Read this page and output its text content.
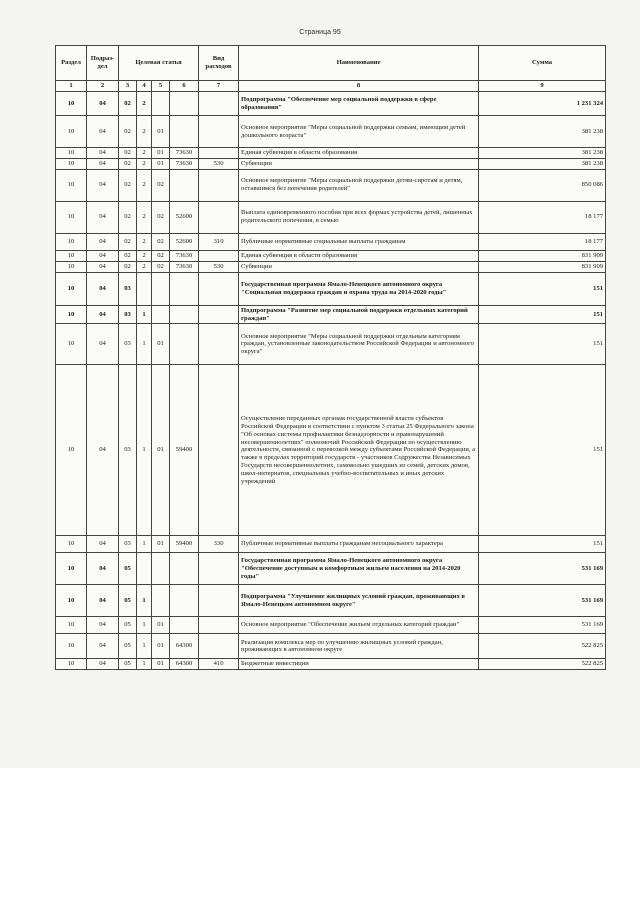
Страница 95
Раздел	Подраз-дел	Целевая статья				Вид расходов	Наименование	Сумма
1	2	3	4	5	6	7	8	9
10	04	02	2				Подпрограмма "Обеспечение мер социальной поддержки в сфере образования"	1 231 324
10	04	02	2	01			Основное мероприятие "Меры социальной поддержки семьям, имеющим детей дошкольного возраста"	381 238
10	04	02	2	01	73630		Единая субвенция в области образования	381 238
10	04	02	2	01	73630	530	Субвенции	381 238
10	04	02	2	02			Основное мероприятие "Меры социальной поддержки детям-сиротам и детям, оставшимся без попечения родителей"	850 086
10	04	02	2	02	52600		Выплата единовременного пособия при всех формах устройства детей, лишенных родительского попечения, в семью	18 177
10	04	02	2	02	52600	310	Публичные нормативные социальные выплаты гражданам	18 177
10	04	02	2	02	73630		Единая субвенция в области образования	831 909
10	04	02	2	02	73630	530	Субвенции	831 909
10	04	03					Государственная программа Ямало-Ненецкого автономного округа "Социальная поддержка граждан и охрана труда на 2014-2020 годы"	151
10	04	03	1				Подпрограмма "Развитие мер социальной поддержки отдельных категорий граждан"	151
10	04	03	1	01			Основное мероприятие "Меры социальной поддержки отдельным категориям граждан, установленные законодательством Российской Федерации и автономного округа"	151
10	04	03	1	01	59400		Осуществление переданных органам государственной власти субъектов Российской Федерации в соответствии с пунктом 3 статьи 25 Федерального закона "Об основах системы профилактики безнадзорности и правонарушений несовершеннолетних" полномочий Российской Федерации по осуществлению деятельности, связанной с перевозкой между субъектами Российской Федерации, а также в пределах территорий государств - участников Содружества Независимых Государств несовершеннолетних, самовольно ушедших из семей, детских домов, школ-интернатов, специальных учебно-воспитательных и иных детских учреждений	151
10	04	03	1	01	59400	330	Публичные нормативные выплаты гражданам несоциального характера	151
10	04	05					Государственная программа Ямало-Ненецкого автономного округа "Обеспечение доступным и комфортным жильем населения на 2014-2020 годы"	531 169
10	04	05	1				Подпрограмма "Улучшение жилищных условий граждан, проживающих в Ямало-Ненецком автономном округе"	531 169
10	04	05	1	01			Основное мероприятие "Обеспечение жильем отдельных категорий граждан"	531 169
10	04	05	1	01	64300		Реализация комплекса мер по улучшению жилищных условий граждан, проживающих в автономном округе	522 825
10	04	05	1	01	64300	410	Бюджетные инвестиции	522 825
